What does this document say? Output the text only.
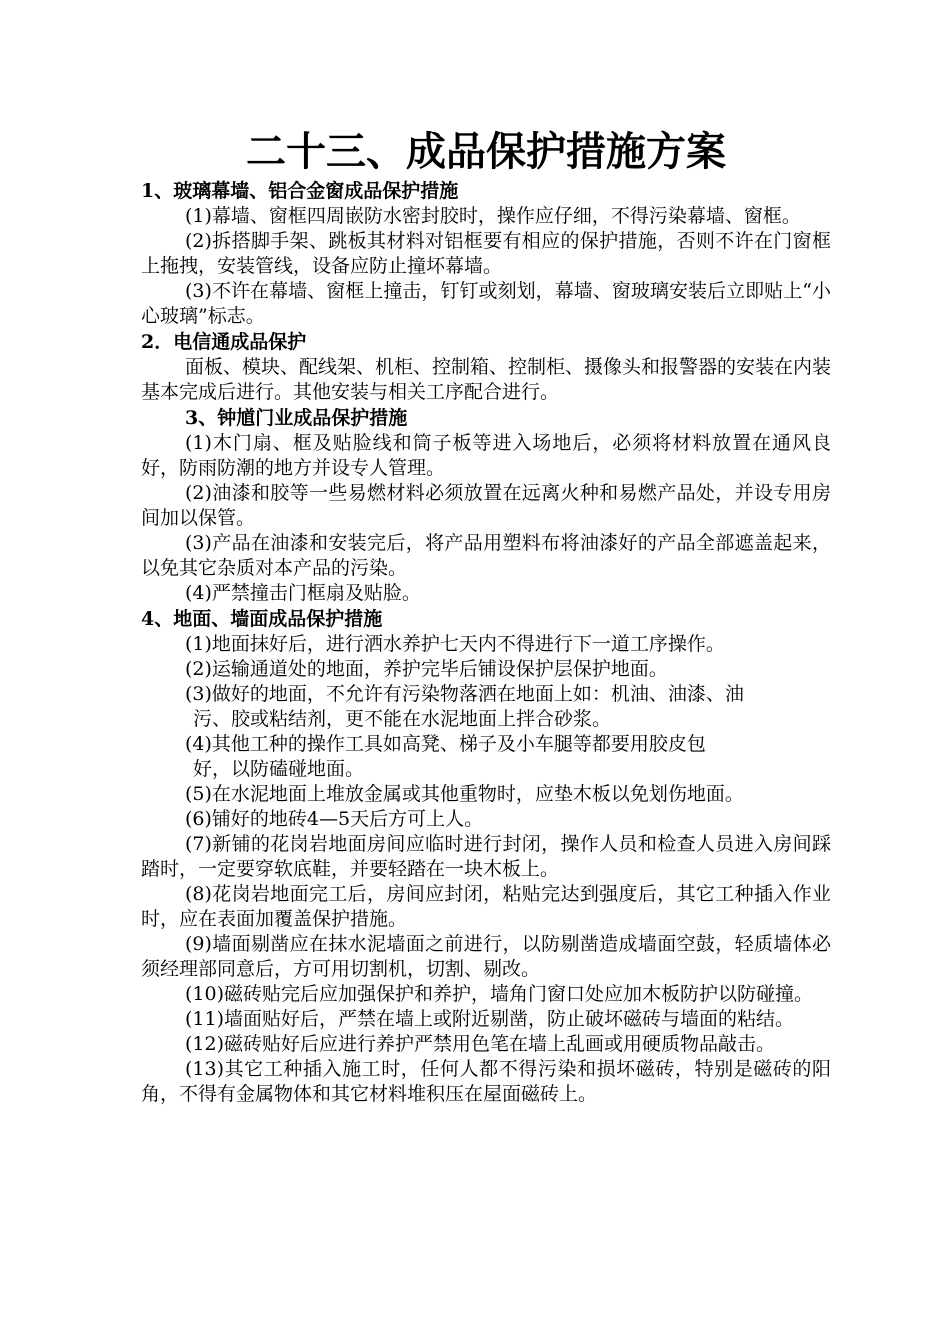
二十三、成品保护措施方案

1、玻璃幕墙、铝合金窗成品保护措施

(1)幕墙、窗框四周嵌防水密封胶时，操作应仔细，不得污染幕墙、窗框。

(2)拆搭脚手架、跳板其材料对铝框要有相应的保护措施，否则不许在门窗框上拖拽，安装管线，设备应防止撞坏幕墙。

(3)不许在幕墙、窗框上撞击，钉钉或刻划，幕墙、窗玻璃安装后立即贴上“小心玻璃”标志。

2．电信通成品保护

面板、模块、配线架、机柜、控制箱、控制柜、摄像头和报警器的安装在内装基本完成后进行。其他安装与相关工序配合进行。

3、钟馗门业成品保护措施

(1)木门扇、框及贴脸线和筒子板等进入场地后，必须将材料放置在通风良好，防雨防潮的地方并设专人管理。

(2)油漆和胶等一些易燃材料必须放置在远离火种和易燃产品处，并设专用房间加以保管。

(3)产品在油漆和安装完后，将产品用塑料布将油漆好的产品全部遮盖起来，以免其它杂质对本产品的污染。

(4)严禁撞击门框扇及贴脸。

4、地面、墙面成品保护措施

(1)地面抹好后，进行洒水养护七天内不得进行下一道工序操作。

(2)运输通道处的地面，养护完毕后铺设保护层保护地面。

(3)做好的地面，不允许有污染物落洒在地面上如：机油、油漆、油
污、胶或粘结剂，更不能在水泥地面上拌合砂浆。

(4)其他工种的操作工具如高凳、梯子及小车腿等都要用胶皮包
好，以防磕碰地面。

(5)在水泥地面上堆放金属或其他重物时，应垫木板以免划伤地面。

(6)铺好的地砖4—5天后方可上人。

(7)新铺的花岗岩地面房间应临时进行封闭，操作人员和检查人员进入房间踩踏时，一定要穿软底鞋，并要轻踏在一块木板上。

(8)花岗岩地面完工后，房间应封闭，粘贴完达到强度后，其它工种插入作业时，应在表面加覆盖保护措施。

(9)墙面剔凿应在抹水泥墙面之前进行，以防剔凿造成墙面空鼓，轻质墙体必须经理部同意后，方可用切割机，切割、剔改。

(10)磁砖贴完后应加强保护和养护，墙角门窗口处应加木板防护以防碰撞。

(11)墙面贴好后，严禁在墙上或附近剔凿，防止破坏磁砖与墙面的粘结。

(12)磁砖贴好后应进行养护严禁用色笔在墙上乱画或用硬质物品敲击。

(13)其它工种插入施工时，任何人都不得污染和损坏磁砖，特别是磁砖的阳角，不得有金属物体和其它材料堆积压在屋面磁砖上。
